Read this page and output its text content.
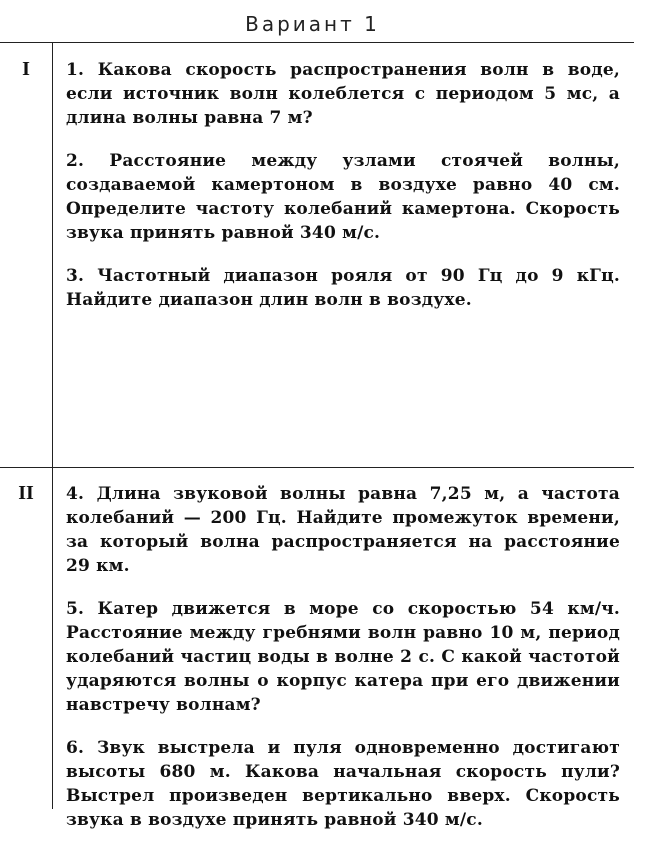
Вариант 1
I	1. Какова скорость распространения волн в воде, если источник волн колеблется с периодом 5 мс, а длина волны равна 7 м?

2. Расстояние между узлами стоячей волны, создаваемой камертоном в воздухе равно 40 см. Определите частоту колебаний камертона. Скорость звука принять равной 340 м/с.

3. Частотный диапазон рояля от 90 Гц до 9 кГц. Найдите диапазон длин волн в воздухе.

II	4. Длина звуковой волны равна 7,25 м, а частота колебаний — 200 Гц. Найдите промежуток времени, за который волна распространяется на расстояние 29 км.

5. Катер движется в море со скоростью 54 км/ч. Расстояние между гребнями волн равно 10 м, период колебаний частиц воды в волне 2 с. С какой частотой ударяются волны о корпус катера при его движении навстречу волнам?

6. Звук выстрела и пуля одновременно достигают высоты 680 м. Какова начальная скорость пули? Выстрел произведен вертикально вверх. Скорость звука в воздухе принять равной 340 м/с.
